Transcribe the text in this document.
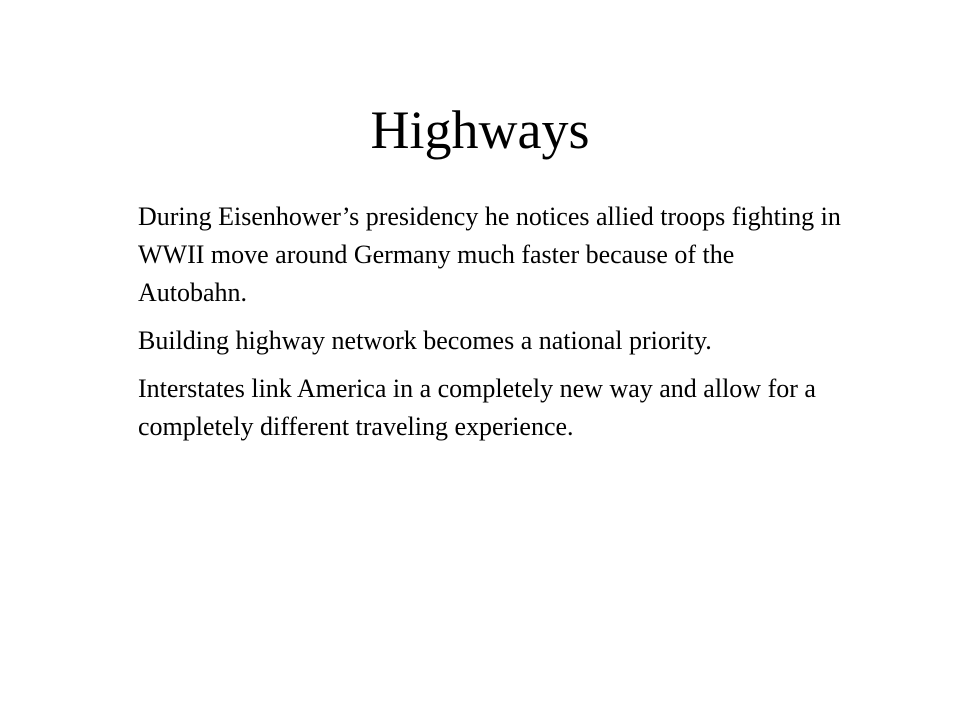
Highways

During Eisenhower’s presidency he notices allied troops fighting in WWII move around Germany much faster because of the Autobahn.

Building highway network becomes a national priority.

Interstates link America in a completely new way and allow for a completely different traveling experience.
